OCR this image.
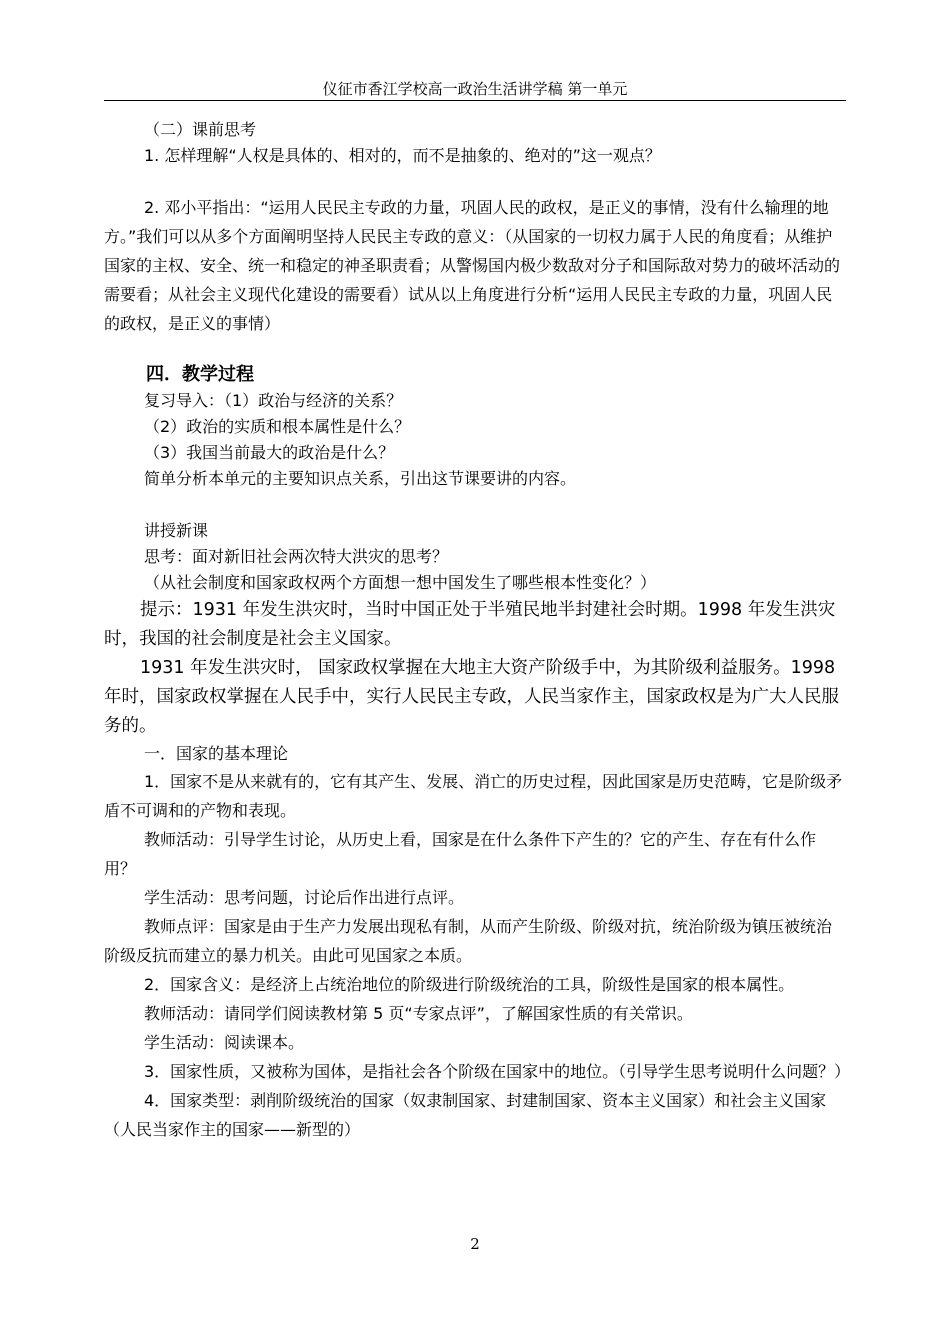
仪征市香江学校高一政治生活讲学稿 第一单元

（二）课前思考

1. 怎样理解“人权是具体的、相对的，而不是抽象的、绝对的”这一观点？

2. 邓小平指出：“运用人民民主专政的力量，巩固人民的政权，是正义的事情，没有什么输理的地方。”我们可以从多个方面阐明坚持人民民主专政的意义：（从国家的一切权力属于人民的角度看；从维护国家的主权、安全、统一和稳定的神圣职责看；从警惕国内极少数敌对分子和国际敌对势力的破坏活动的需要看；从社会主义现代化建设的需要看）试从以上角度进行分析“运用人民民主专政的力量，巩固人民的政权，是正义的事情）

四．教学过程

复习导入：（1）政治与经济的关系？

（2）政治的实质和根本属性是什么？

（3）我国当前最大的政治是什么？

简单分析本单元的主要知识点关系，引出这节课要讲的内容。

讲授新课

思考：面对新旧社会两次特大洪灾的思考？

（从社会制度和国家政权两个方面想一想中国发生了哪些根本性变化？）

提示：1931 年发生洪灾时，当时中国正处于半殖民地半封建社会时期。1998 年发生洪灾时，我国的社会制度是社会主义国家。

1931 年发生洪灾时， 国家政权掌握在大地主大资产阶级手中，为其阶级利益服务。1998 年时，国家政权掌握在人民手中，实行人民民主专政，人民当家作主，国家政权是为广大人民服务的。

一．国家的基本理论

1．国家不是从来就有的，它有其产生、发展、消亡的历史过程，因此国家是历史范畴，它是阶级矛盾不可调和的产物和表现。

教师活动：引导学生讨论，从历史上看，国家是在什么条件下产生的？它的产生、存在有什么作用？

学生活动：思考问题，讨论后作出进行点评。

教师点评：国家是由于生产力发展出现私有制，从而产生阶级、阶级对抗，统治阶级为镇压被统治阶级反抗而建立的暴力机关。由此可见国家之本质。

2．国家含义：是经济上占统治地位的阶级进行阶级统治的工具，阶级性是国家的根本属性。

教师活动：请同学们阅读教材第 5 页“专家点评”，了解国家性质的有关常识。

学生活动：阅读课本。

3．国家性质，又被称为国体，是指社会各个阶级在国家中的地位。（引导学生思考说明什么问题？）

4．国家类型：剥削阶级统治的国家（奴隶制国家、封建制国家、资本主义国家）和社会主义国家（人民当家作主的国家——新型的）

2
